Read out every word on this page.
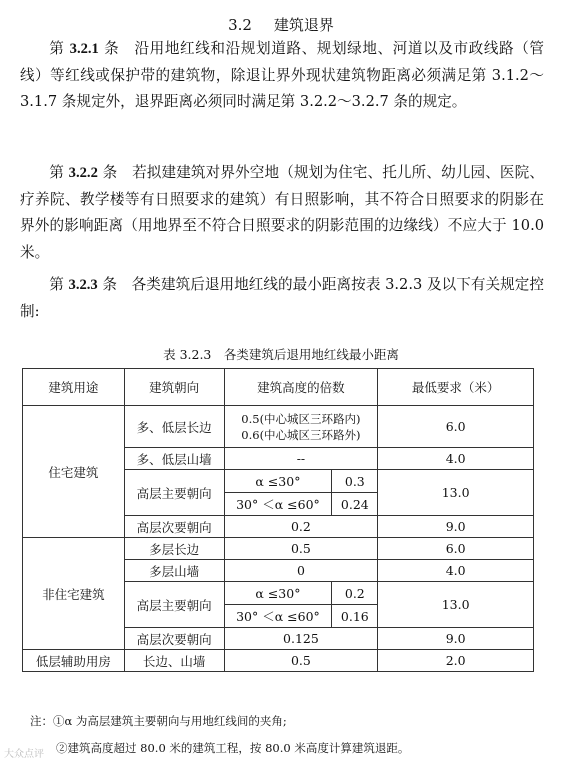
3.2 建筑退界

第 3.2.1 条　 沿用地红线和沿规划道路、规划绿地、河道以及市政线路（管线）等红线或保护带的建筑物，除退让界外现状建筑物距离必须满足第 3.1.2～3.1.7 条规定外，退界距离必须同时满足第 3.2.2～3.2.7 条的规定。

第 3.2.2 条　 若拟建建筑对界外空地（规划为住宅、托儿所、幼儿园、医院、疗养院、教学楼等有日照要求的建筑）有日照影响，其不符合日照要求的阴影在界外的影响距离（用地界至不符合日照要求的阴影范围的边缘线）不应大于 10.0 米。

第 3.2.3 条　 各类建筑后退用地红线的最小距离按表 3.2.3 及以下有关规定控制:

表 3.2.3　各类建筑后退用地红线最小距离
建筑用途	建筑朝向	建筑高度的倍数		最低要求（米）
住宅建筑	多、低层长边	0.5(中心城区三环路内)
0.6(中心城区三环路外)		6.0
	多、低层山墙	--		4.0
	高层主要朝向	α ≤30°	0.3	13.0
		30° ＜α ≤60°	0.24	
	高层次要朝向	0.2		9.0
非住宅建筑	多层长边	0.5		6.0
	多层山墙	0		4.0
	高层主要朝向	α ≤30°	0.2	13.0
		30° ＜α ≤60°	0.16	
	高层次要朝向	0.125		9.0
低层辅助用房	长边、山墙	0.5		2.0
注：①α 为高层建筑主要朝向与用地红线间的夹角;
②建筑高度超过 80.0 米的建筑工程，按 80.0 米高度计算建筑退距。
大众点评
